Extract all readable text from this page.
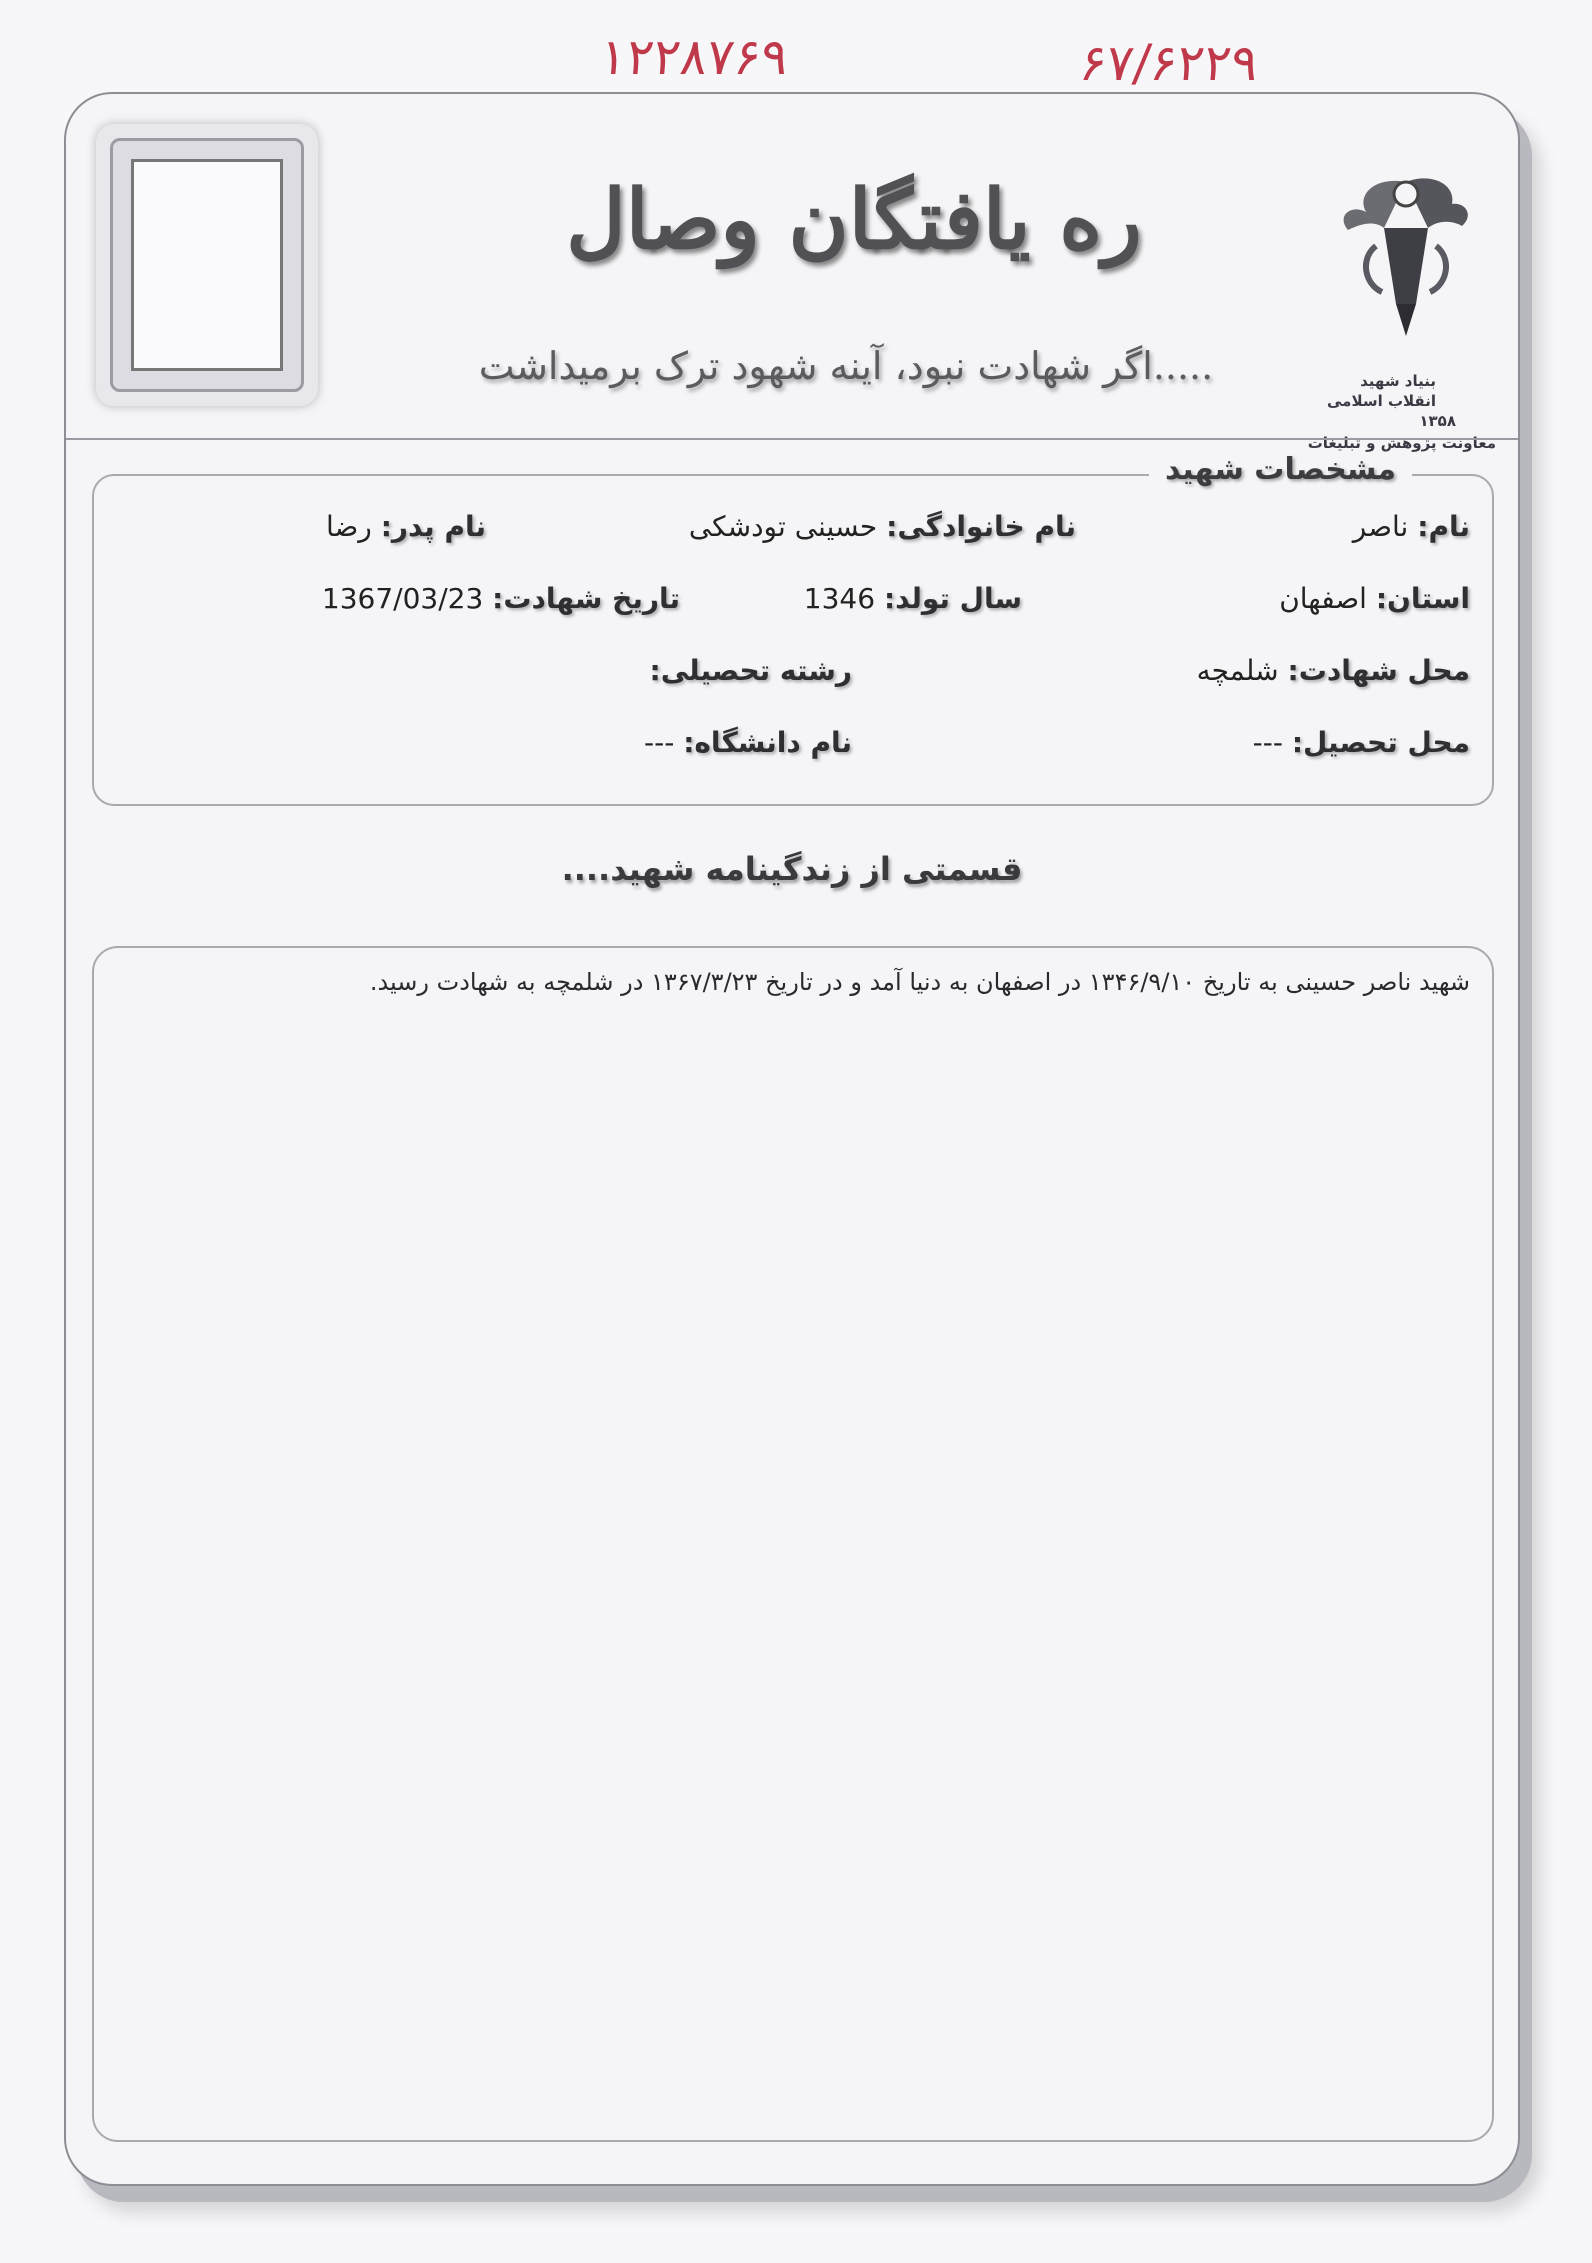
۱۲۲۸۷۶۹	۶۷/۶۲۲۹
ره یافتگان وصال
اگر شهادت نبود، آینه شهود ترک برمیداشت.....	بنیاد شهید
انقلاب اسلامی
۱۳۵۸
معاونت پژوهش و تبلیغات
مشخصات شهید
نام: ناصر
نام خانوادگی: حسینی تودشکی
نام پدر: رضا
استان: اصفهان
سال تولد: 1346
تاریخ شهادت: 1367/03/23
محل شهادت: شلمچه
رشته تحصیلی:
محل تحصیل: ---
نام دانشگاه: ---
قسمتی از زندگینامه شهید....
شهید ناصر حسینی به تاریخ ۱۳۴۶/۹/۱۰ در اصفهان به دنیا آمد و در تاریخ ۱۳۶۷/۳/۲۳ در شلمچه به شهادت رسید.
